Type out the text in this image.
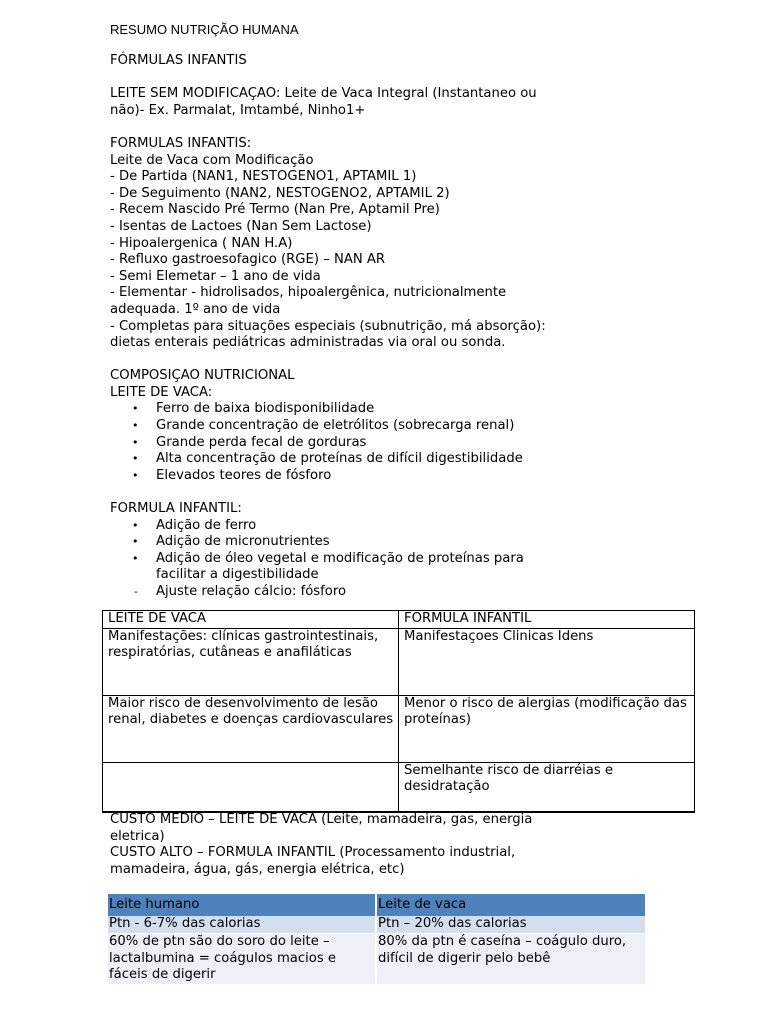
RESUMO NUTRIÇÃO HUMANA

FÓRMULAS INFANTIS

LEITE SEM MODIFICAÇAO: Leite de Vaca Integral (Instantaneo ou

não)- Ex. Parmalat, Imtambé, Ninho1+

FORMULAS INFANTIS:

Leite de Vaca com Modificação

- De Partida (NAN1, NESTOGENO1, APTAMIL 1)

- De Seguimento (NAN2, NESTOGENO2, APTAMIL 2)

- Recem Nascido Pré Termo (Nan Pre, Aptamil Pre)

- Isentas de Lactoes (Nan Sem Lactose)

- Hipoalergenica ( NAN H.A)

- Refluxo gastroesofagico (RGE) – NAN AR

- Semi Elemetar – 1 ano de vida

- Elementar - hidrolisados, hipoalergênica, nutricionalmente

adequada. 1º ano de vida

- Completas para situações especiais (subnutrição, má absorção):

dietas enterais pediátricas administradas via oral ou sonda.

COMPOSIÇAO NUTRICIONAL

LEITE DE VACA:

• Ferro de baixa biodisponibilidade
• Grande concentração de eletrólitos (sobrecarga renal)
• Grande perda fecal de gorduras
• Alta concentração de proteínas de difícil digestibilidade
• Elevados teores de fósforo

FORMULA INFANTIL:

• Adição de ferro
• Adição de micronutrientes
• Adição de óleo vegetal e modificação de proteínas para
facilitar a digestibilidade
- Ajuste relação cálcio: fósforo
LEITE DE VACA	FORMULA INFANTIL
Manifestações: clínicas gastrointestinais, respiratórias, cutâneas e anafiláticas	Manifestaçoes Clinicas Idens
Maior risco de desenvolvimento de lesão renal, diabetes e doenças cardiovasculares	Menor o risco de alergias (modificação das proteínas)
	Semelhante risco de diarréias e desidratação

CUSTO MEDIO – LEITE DE VACA (Leite, mamadeira, gas, energia

eletrica)

CUSTO ALTO – FORMULA INFANTIL (Processamento industrial,

mamadeira, água, gás, energia elétrica, etc)

Leite humano	Leite de vaca
Ptn - 6-7% das calorias	Ptn – 20% das calorias
60% de ptn são do soro do leite – lactalbumina = coágulos macios e fáceis de digerir	80% da ptn é caseína – coágulo duro, difícil de digerir pelo bebê
